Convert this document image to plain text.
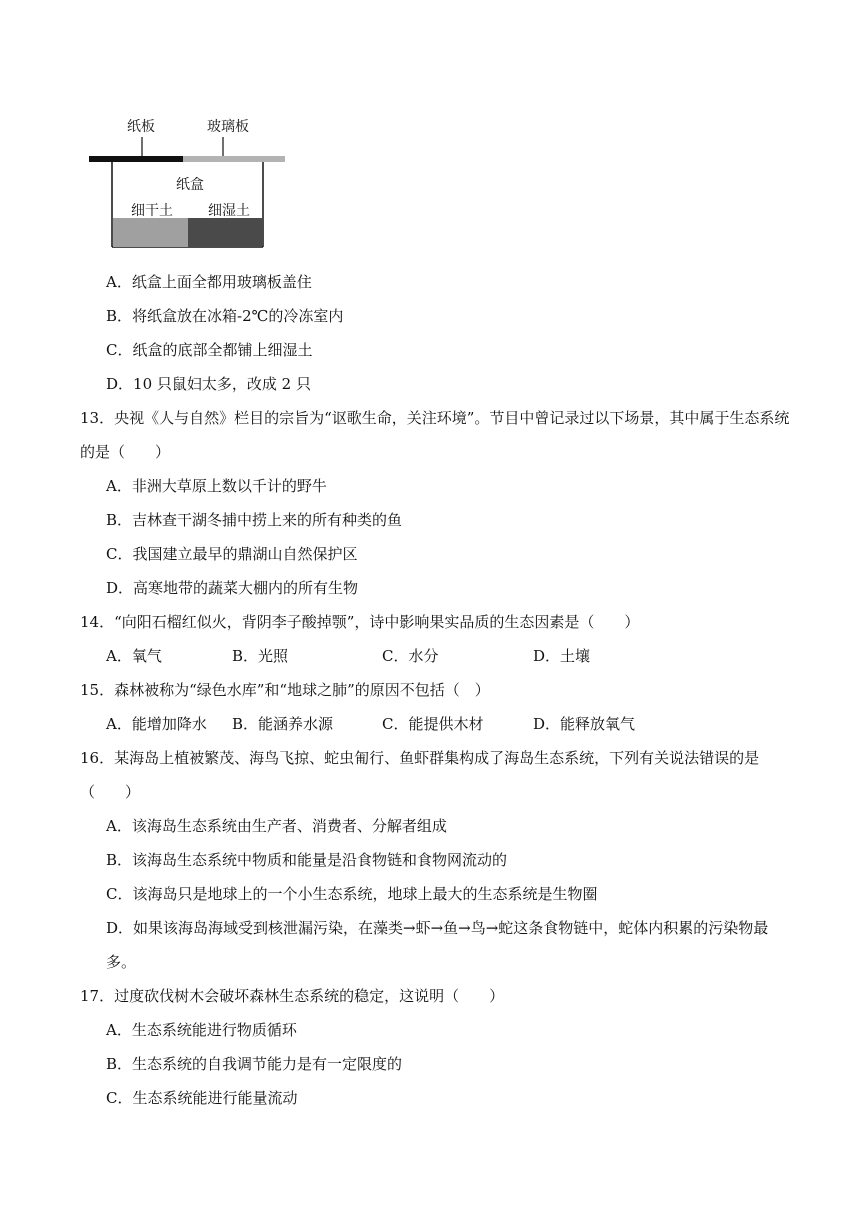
纸板	玻璃板
纸盒
细干土	细湿土
A．纸盒上面全都用玻璃板盖住
B．将纸盒放在冰箱-2℃的冷冻室内
C．纸盒的底部全都铺上细湿土
D．10 只鼠妇太多，改成 2 只
13．央视《人与自然》栏目的宗旨为“讴歌生命，关注环境”。节目中曾记录过以下场景，其中属于生态系统
的是（　　）
A．非洲大草原上数以千计的野牛
B．吉林查干湖冬捕中捞上来的所有种类的鱼
C．我国建立最早的鼎湖山自然保护区
D．高寒地带的蔬菜大棚内的所有生物
14．“向阳石榴红似火，背阴李子酸掉颚”，诗中影响果实品质的生态因素是（　　）
A．氧气	B．光照	C．水分	D．土壤
15．森林被称为“绿色水库”和“地球之肺”的原因不包括（　）
A．能增加降水 B．能涵养水源	C．能提供木材	D．能释放氧气
16．某海岛上植被繁茂、海鸟飞掠、蛇虫匍行、鱼虾群集构成了海岛生态系统，下列有关说法错误的是
（　　）
A．该海岛生态系统由生产者、消费者、分解者组成
B．该海岛生态系统中物质和能量是沿食物链和食物网流动的
C．该海岛只是地球上的一个小生态系统，地球上最大的生态系统是生物圈
D．如果该海岛海域受到核泄漏污染，在藻类→虾→鱼→鸟→蛇这条食物链中，蛇体内积累的污染物最
多。
17．过度砍伐树木会破坏森林生态系统的稳定，这说明（　　）
A．生态系统能进行物质循环
B．生态系统的自我调节能力是有一定限度的
C．生态系统能进行能量流动
